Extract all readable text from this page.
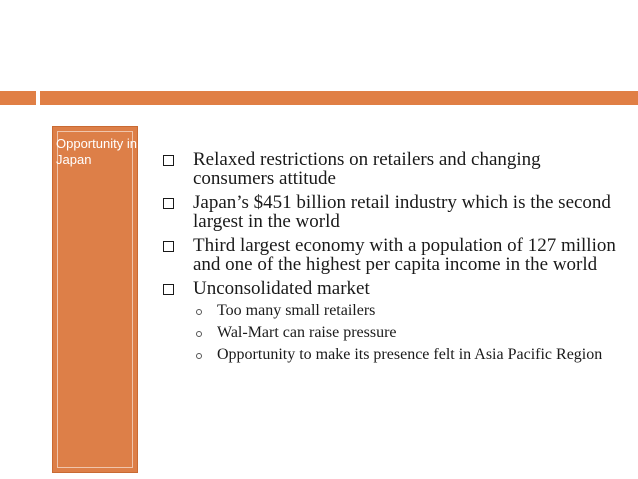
Opportunity in Japan	Relaxed restrictions on retailers and changing consumers attitude
Japan’s $451 billion retail industry which is the second largest in the world
Third largest economy with a population of 127 million and one of the highest per capita income in the world
Unconsolidated market
Too many small retailers
Wal-Mart can raise pressure
Opportunity to make its presence felt in Asia Pacific Region
